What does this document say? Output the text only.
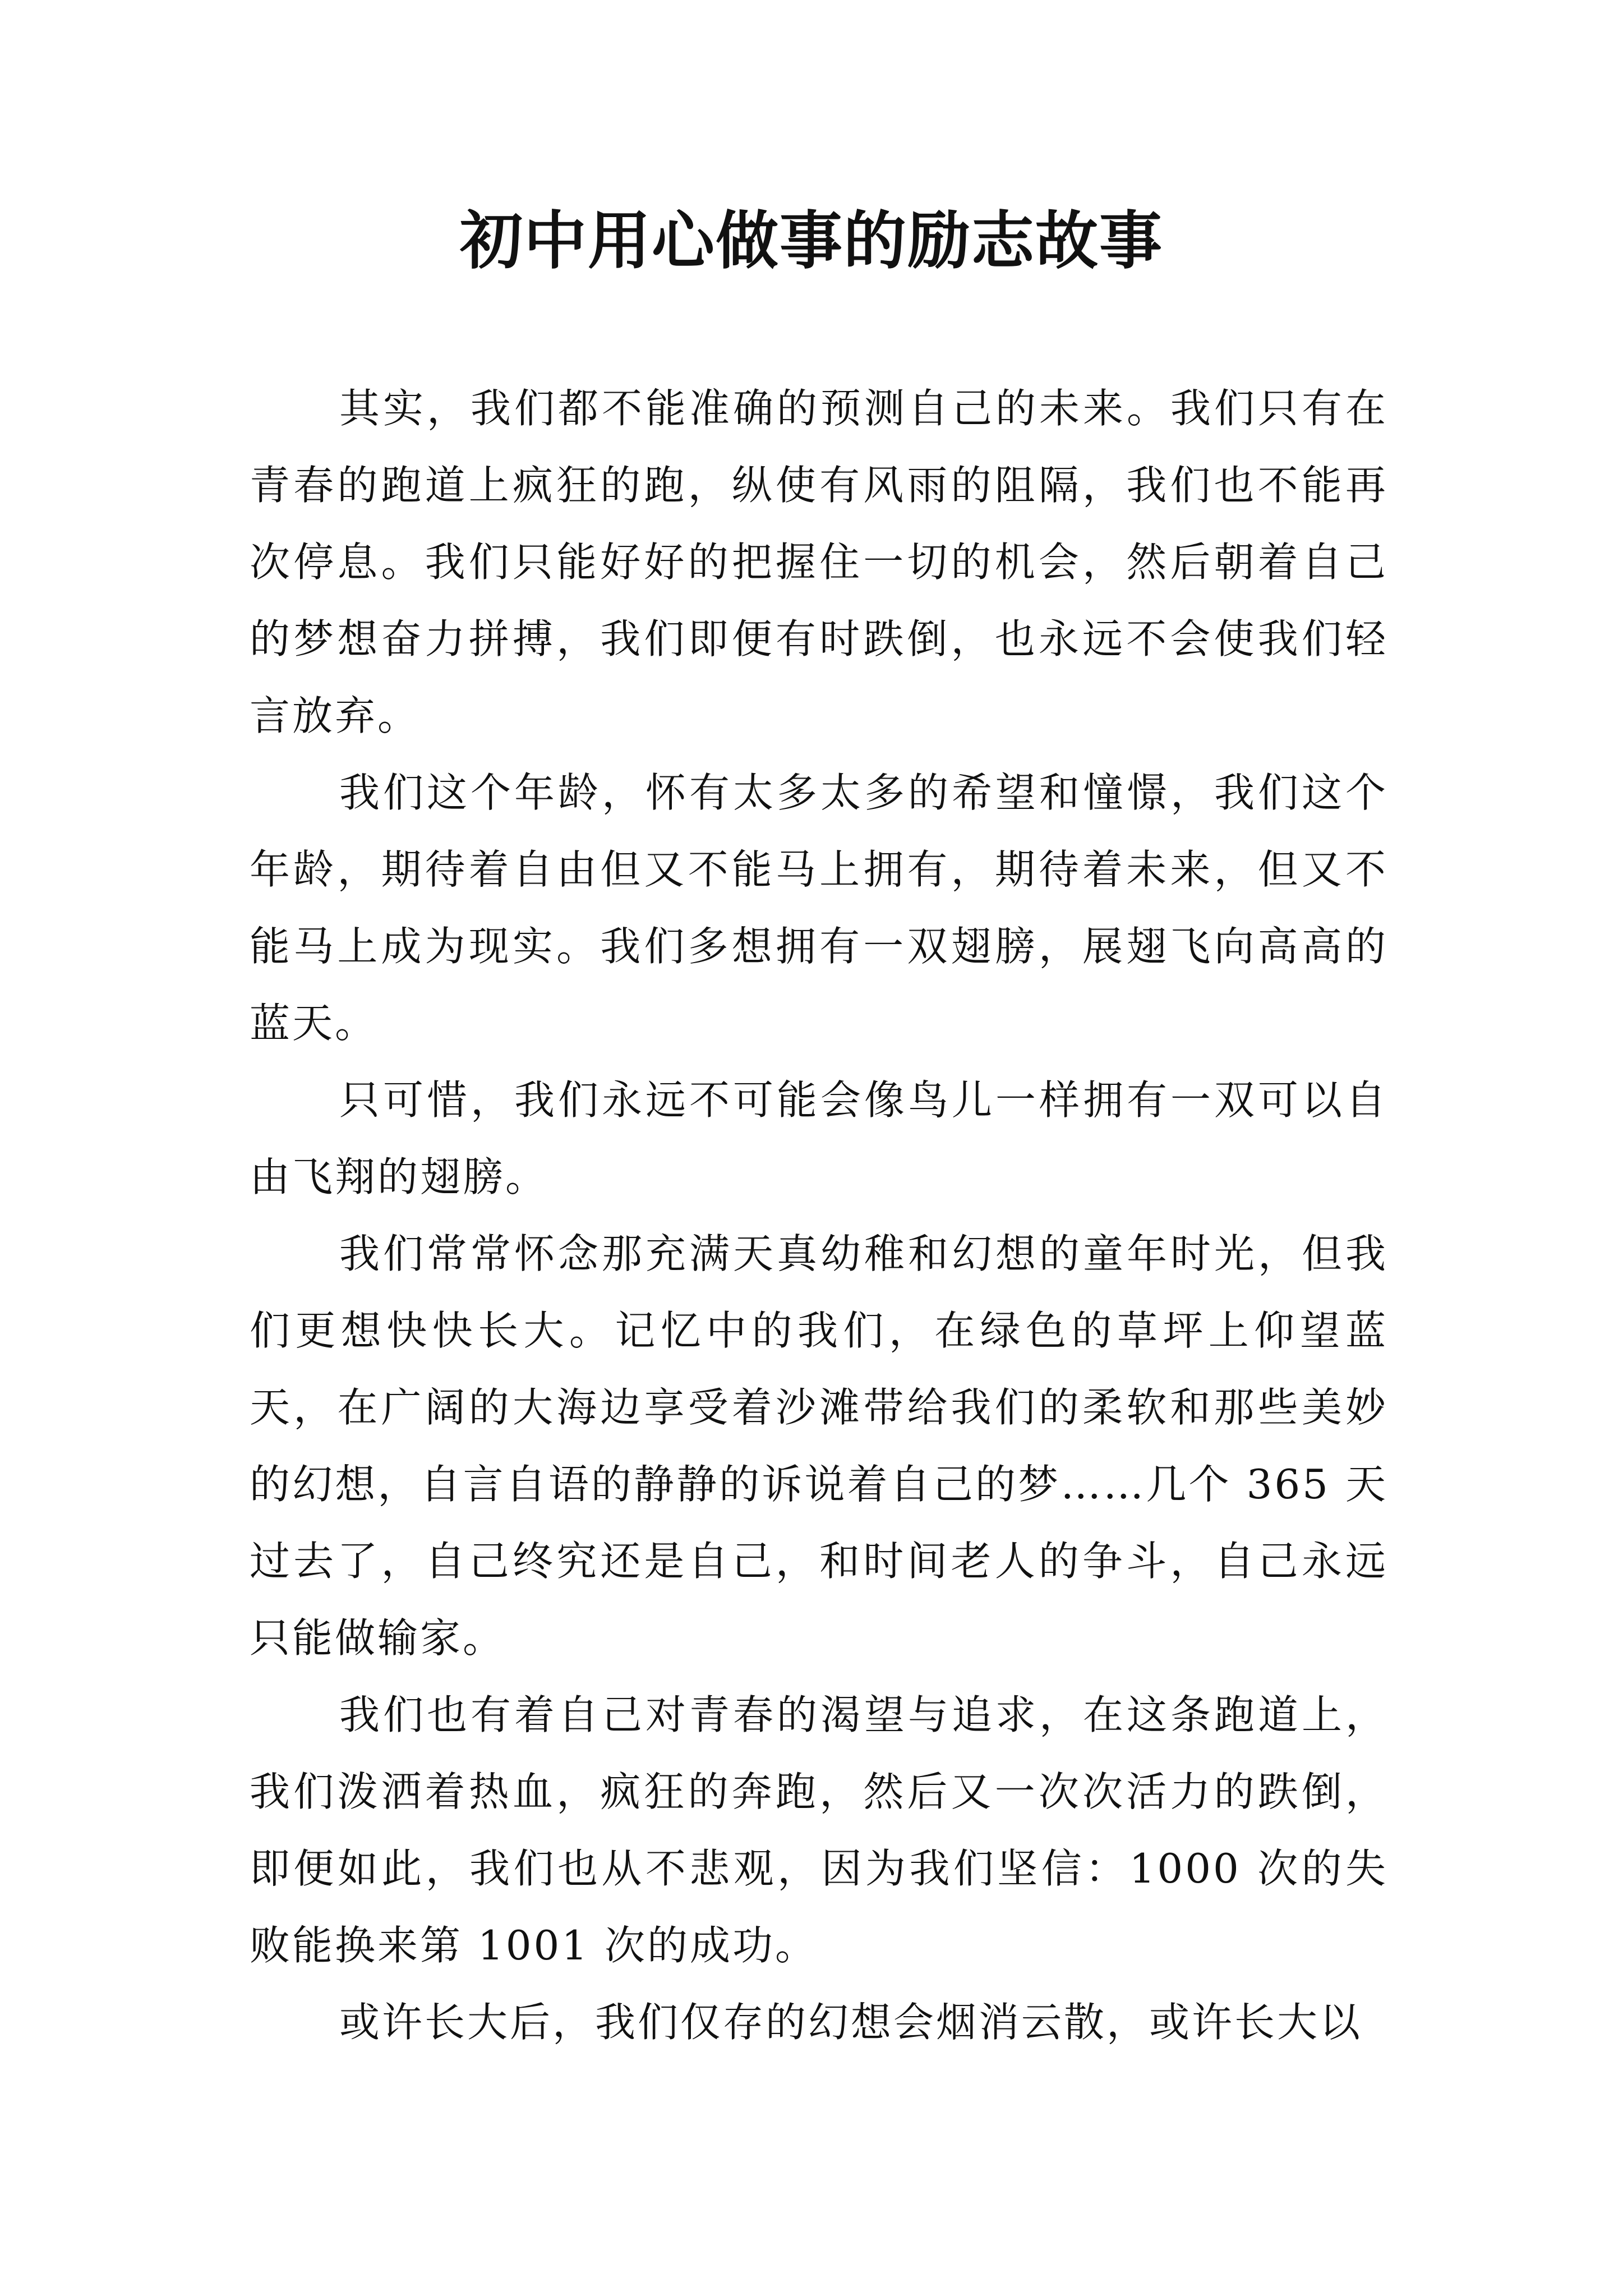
初中用心做事的励志故事

其实，我们都不能准确的预测自己的未来。我们只有在青春的跑道上疯狂的跑，纵使有风雨的阻隔，我们也不能再次停息。我们只能好好的把握住一切的机会，然后朝着自己的梦想奋力拼搏，我们即便有时跌倒，也永远不会使我们轻言放弃。

我们这个年龄，怀有太多太多的希望和憧憬，我们这个年龄，期待着自由但又不能马上拥有，期待着未来，但又不能马上成为现实。我们多想拥有一双翅膀，展翅飞向高高的蓝天。

只可惜，我们永远不可能会像鸟儿一样拥有一双可以自由飞翔的翅膀。

我们常常怀念那充满天真幼稚和幻想的童年时光，但我们更想快快长大。记忆中的我们，在绿色的草坪上仰望蓝天，在广阔的大海边享受着沙滩带给我们的柔软和那些美妙的幻想，自言自语的静静的诉说着自己的梦……几个 365 天过去了，自己终究还是自己，和时间老人的争斗，自己永远只能做输家。

我们也有着自己对青春的渴望与追求，在这条跑道上，我们泼洒着热血，疯狂的奔跑，然后又一次次活力的跌倒，即便如此，我们也从不悲观，因为我们坚信：1000 次的失败能换来第 1001 次的成功。

或许长大后，我们仅存的幻想会烟消云散，或许长大以
